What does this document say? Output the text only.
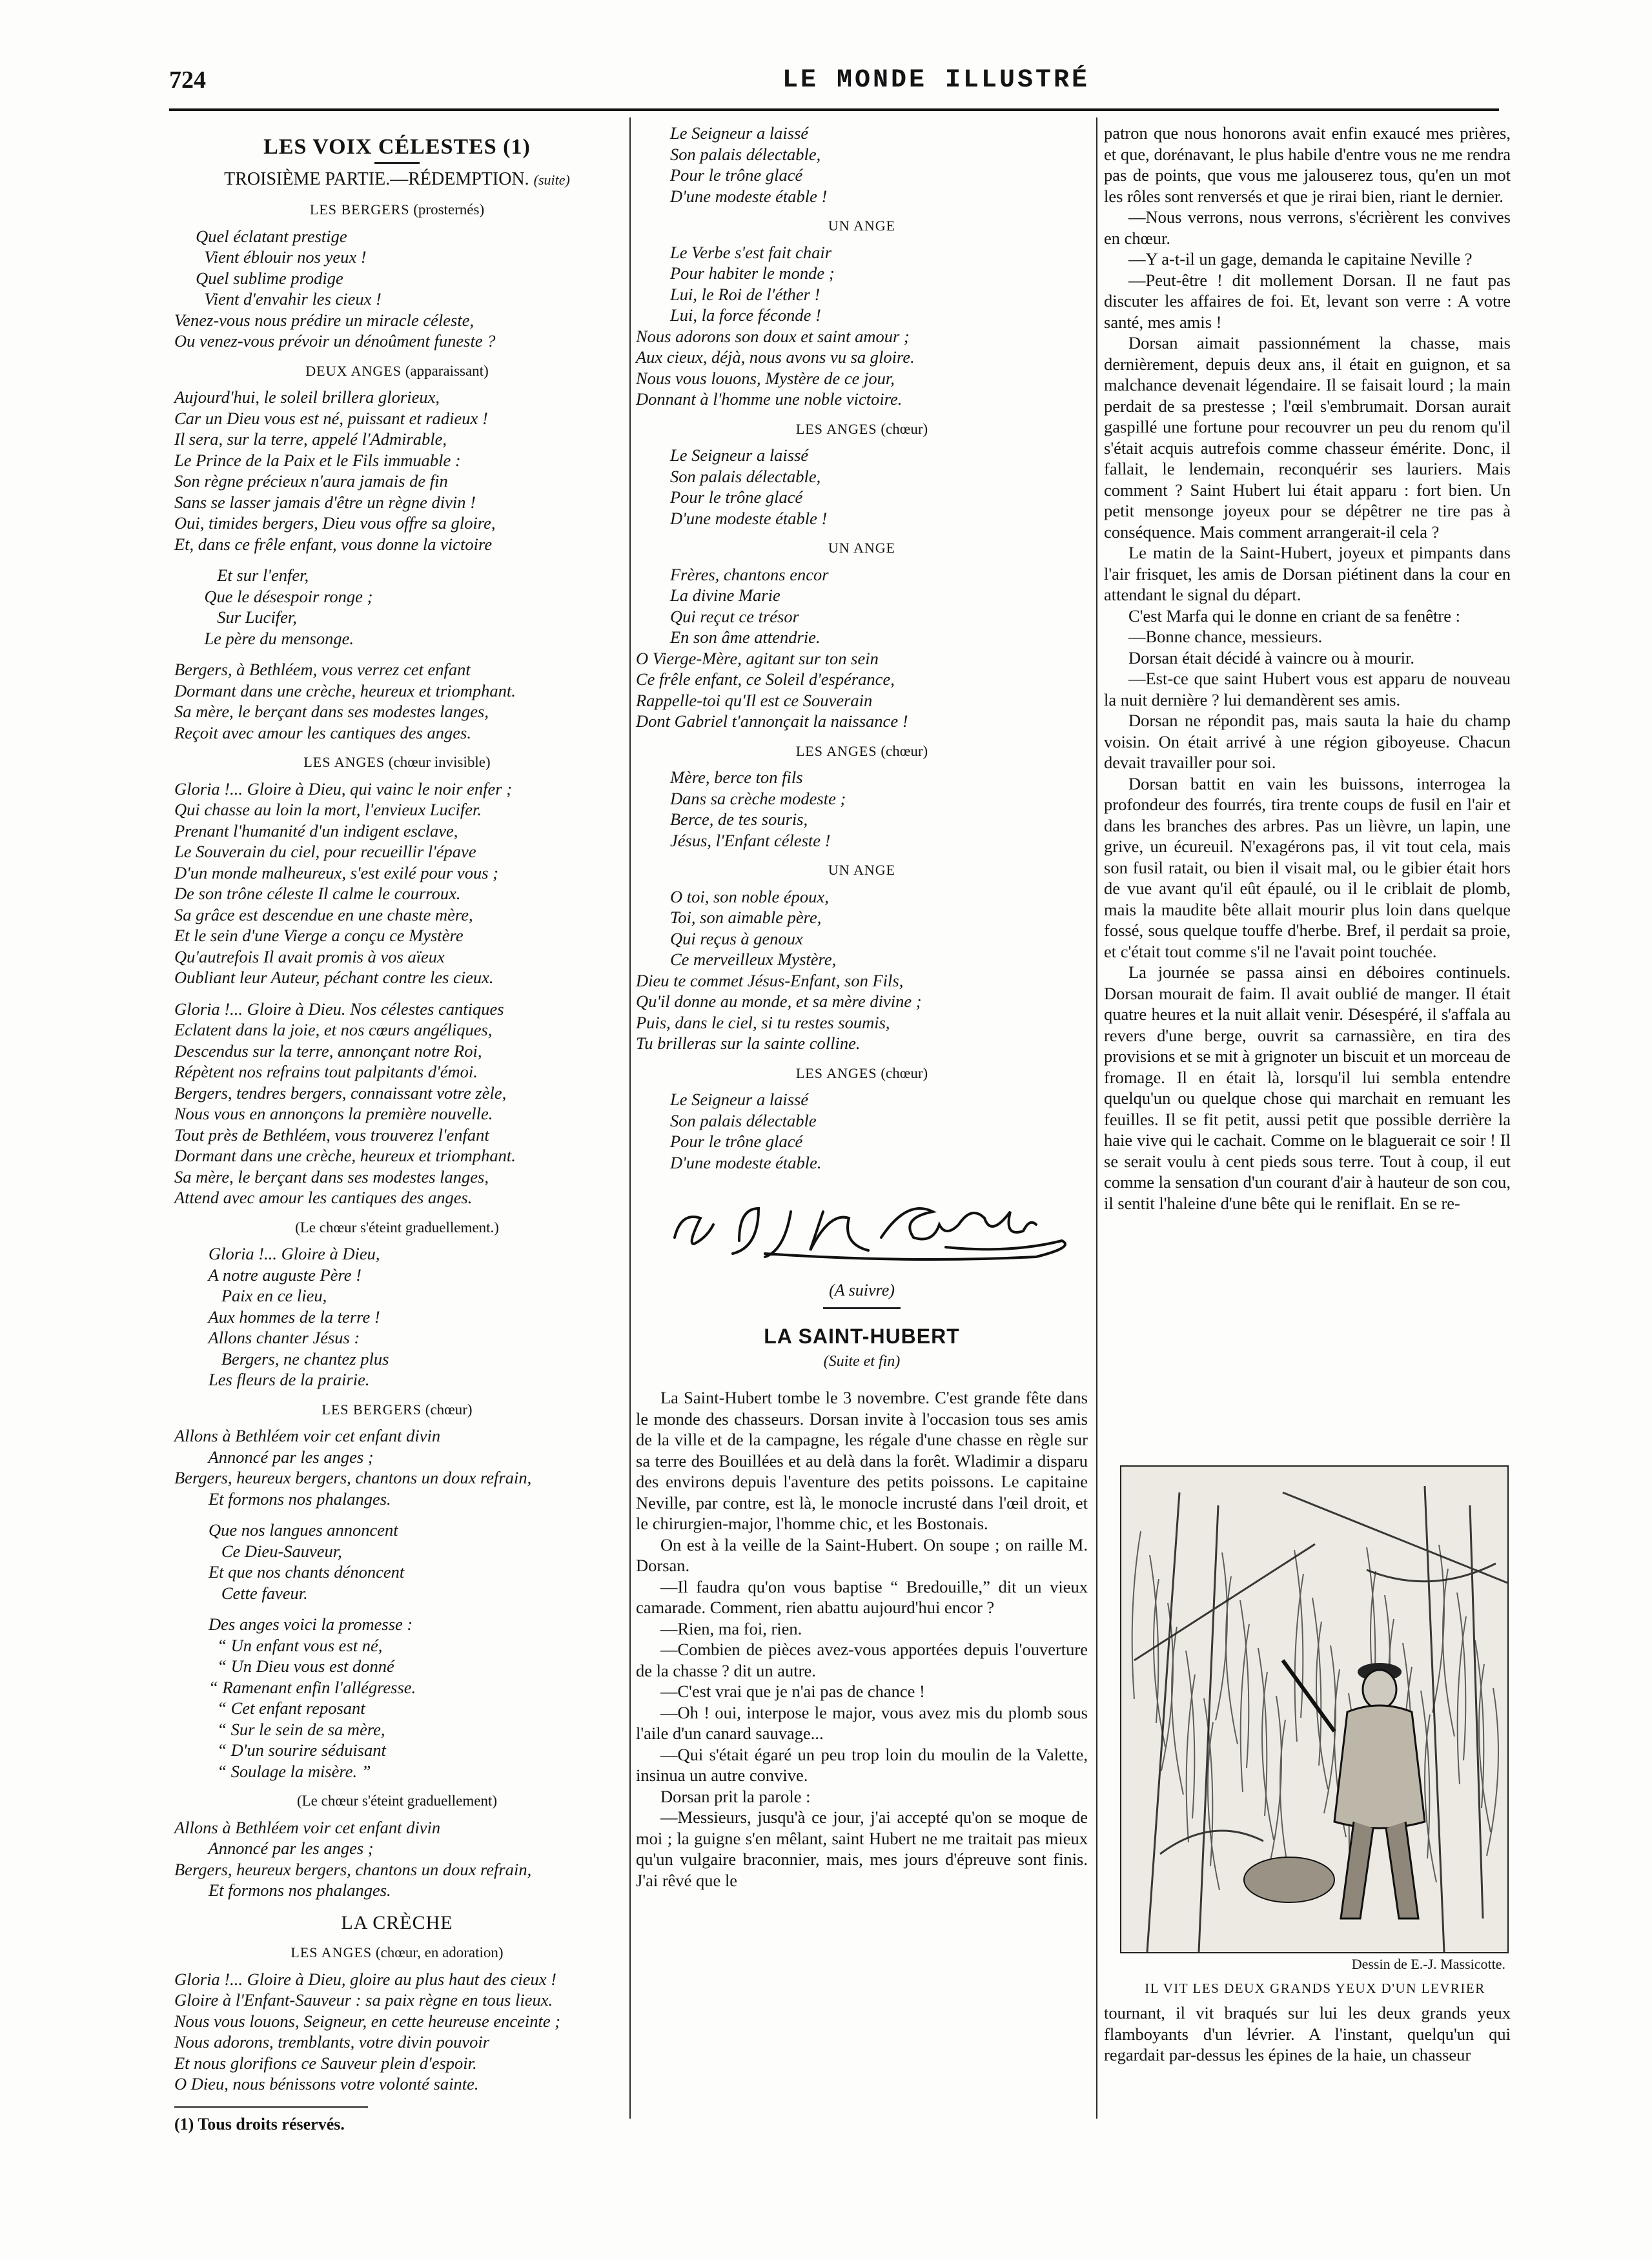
724	LE MONDE ILLUSTRÉ
LES VOIX CÉLESTES (1)
TROISIÈME PARTIE.—RÉDEMPTION. (suite)
LES BERGERS (prosternés)
Quel éclatant prestige
Vient éblouir nos yeux !
Quel sublime prodige
Vient d'envahir les cieux !
Venez-vous nous prédire un miracle céleste,
Ou venez-vous prévoir un dénoûment funeste ?
DEUX ANGES (apparaissant)
Aujourd'hui, le soleil brillera glorieux,
Car un Dieu vous est né, puissant et radieux !
Il sera, sur la terre, appelé l'Admirable,
Le Prince de la Paix et le Fils immuable :
Son règne précieux n'aura jamais de fin
Sans se lasser jamais d'être un règne divin !
Oui, timides bergers, Dieu vous offre sa gloire,
Et, dans ce frêle enfant, vous donne la victoire
Et sur l'enfer,
Que le désespoir ronge ;
Sur Lucifer,
Le père du mensonge.
Bergers, à Bethléem, vous verrez cet enfant
Dormant dans une crèche, heureux et triomphant.
Sa mère, le berçant dans ses modestes langes,
Reçoit avec amour les cantiques des anges.
LES ANGES (chœur invisible)
Gloria !... Gloire à Dieu, qui vainc le noir enfer ;
Qui chasse au loin la mort, l'envieux Lucifer.
Prenant l'humanité d'un indigent esclave,
Le Souverain du ciel, pour recueillir l'épave
D'un monde malheureux, s'est exilé pour vous ;
De son trône céleste Il calme le courroux.
Sa grâce est descendue en une chaste mère,
Et le sein d'une Vierge a conçu ce Mystère
Qu'autrefois Il avait promis à vos aïeux
Oubliant leur Auteur, péchant contre les cieux.
Gloria !... Gloire à Dieu. Nos célestes cantiques
Eclatent dans la joie, et nos cœurs angéliques,
Descendus sur la terre, annonçant notre Roi,
Répètent nos refrains tout palpitants d'émoi.
Bergers, tendres bergers, connaissant votre zèle,
Nous vous en annonçons la première nouvelle.
Tout près de Bethléem, vous trouverez l'enfant
Dormant dans une crèche, heureux et triomphant.
Sa mère, le berçant dans ses modestes langes,
Attend avec amour les cantiques des anges.
(Le chœur s'éteint graduellement.)
Gloria !... Gloire à Dieu,
A notre auguste Père !
Paix en ce lieu,
Aux hommes de la terre !
Allons chanter Jésus :
Bergers, ne chantez plus
Les fleurs de la prairie.
LES BERGERS (chœur)
Allons à Bethléem voir cet enfant divin
Annoncé par les anges ;
Bergers, heureux bergers, chantons un doux refrain,
Et formons nos phalanges.
Que nos langues annoncent
Ce Dieu-Sauveur,
Et que nos chants dénoncent
Cette faveur.
Des anges voici la promesse :
“ Un enfant vous est né,
“ Un Dieu vous est donné
“ Ramenant enfin l'allégresse.
“ Cet enfant reposant
“ Sur le sein de sa mère,
“ D'un sourire séduisant
“ Soulage la misère. ”
(Le chœur s'éteint graduellement)
Allons à Bethléem voir cet enfant divin
Annoncé par les anges ;
Bergers, heureux bergers, chantons un doux refrain,
Et formons nos phalanges.
LA CRÈCHE
LES ANGES (chœur, en adoration)
Gloria !... Gloire à Dieu, gloire au plus haut des cieux !
Gloire à l'Enfant-Sauveur : sa paix règne en tous lieux.
Nous vous louons, Seigneur, en cette heureuse enceinte ;
Nous adorons, tremblants, votre divin pouvoir
Et nous glorifions ce Sauveur plein d'espoir.
O Dieu, nous bénissons votre volonté sainte.
(1) Tous droits réservés.
Le Seigneur a laissé
Son palais délectable,
Pour le trône glacé
D'une modeste étable !
UN ANGE
Le Verbe s'est fait chair
Pour habiter le monde ;
Lui, le Roi de l'éther !
Lui, la force féconde !
Nous adorons son doux et saint amour ;
Aux cieux, déjà, nous avons vu sa gloire.
Nous vous louons, Mystère de ce jour,
Donnant à l'homme une noble victoire.
LES ANGES (chœur)
Le Seigneur a laissé
Son palais délectable,
Pour le trône glacé
D'une modeste étable !
UN ANGE
Frères, chantons encor
La divine Marie
Qui reçut ce trésor
En son âme attendrie.
O Vierge-Mère, agitant sur ton sein
Ce frêle enfant, ce Soleil d'espérance,
Rappelle-toi qu'Il est ce Souverain
Dont Gabriel t'annonçait la naissance !
LES ANGES (chœur)
Mère, berce ton fils
Dans sa crèche modeste ;
Berce, de tes souris,
Jésus, l'Enfant céleste !
UN ANGE
O toi, son noble époux,
Toi, son aimable père,
Qui reçus à genoux
Ce merveilleux Mystère,
Dieu te commet Jésus-Enfant, son Fils,
Qu'il donne au monde, et sa mère divine ;
Puis, dans le ciel, si tu restes soumis,
Tu brilleras sur la sainte colline.
LES ANGES (chœur)
Le Seigneur a laissé
Son palais délectable
Pour le trône glacé
D'une modeste étable.
(A suivre)
LA SAINT-HUBERT
(Suite et fin)

La Saint-Hubert tombe le 3 novembre. C'est grande fête dans le monde des chasseurs. Dorsan invite à l'occasion tous ses amis de la ville et de la campagne, les régale d'une chasse en règle sur sa terre des Bouillées et au delà dans la forêt. Wladimir a disparu des environs depuis l'aventure des petits poissons. Le capitaine Neville, par contre, est là, le monocle incrusté dans l'œil droit, et le chirurgien-major, l'homme chic, et les Bostonais.

On est à la veille de la Saint-Hubert. On soupe ; on raille M. Dorsan.

—Il faudra qu'on vous baptise “ Bredouille,” dit un vieux camarade. Comment, rien abattu aujourd'hui encor ?

—Rien, ma foi, rien.

—Combien de pièces avez-vous apportées depuis l'ouverture de la chasse ? dit un autre.

—C'est vrai que je n'ai pas de chance !

—Oh ! oui, interpose le major, vous avez mis du plomb sous l'aile d'un canard sauvage...

—Qui s'était égaré un peu trop loin du moulin de la Valette, insinua un autre convive.

Dorsan prit la parole :

—Messieurs, jusqu'à ce jour, j'ai accepté qu'on se moque de moi ; la guigne s'en mêlant, saint Hubert ne me traitait pas mieux qu'un vulgaire braconnier, mais, mes jours d'épreuve sont finis. J'ai rêvé que le

patron que nous honorons avait enfin exaucé mes prières, et que, dorénavant, le plus habile d'entre vous ne me rendra pas de points, que vous me jalouserez tous, qu'en un mot les rôles sont renversés et que je rirai bien, riant le dernier.

—Nous verrons, nous verrons, s'écrièrent les convives en chœur.

—Y a-t-il un gage, demanda le capitaine Neville ?

—Peut-être ! dit mollement Dorsan. Il ne faut pas discuter les affaires de foi. Et, levant son verre : A votre santé, mes amis !

Dorsan aimait passionnément la chasse, mais dernièrement, depuis deux ans, il était en guignon, et sa malchance devenait légendaire. Il se faisait lourd ; la main perdait de sa prestesse ; l'œil s'embrumait. Dorsan aurait gaspillé une fortune pour recouvrer un peu du renom qu'il s'était acquis autrefois comme chasseur émérite. Donc, il fallait, le lendemain, reconquérir ses lauriers. Mais comment ? Saint Hubert lui était apparu : fort bien. Un petit mensonge joyeux pour se dépêtrer ne tire pas à conséquence. Mais comment arrangerait-il cela ?

Le matin de la Saint-Hubert, joyeux et pimpants dans l'air frisquet, les amis de Dorsan piétinent dans la cour en attendant le signal du départ.

C'est Marfa qui le donne en criant de sa fenêtre :

—Bonne chance, messieurs.

Dorsan était décidé à vaincre ou à mourir.

—Est-ce que saint Hubert vous est apparu de nouveau la nuit dernière ? lui demandèrent ses amis.

Dorsan ne répondit pas, mais sauta la haie du champ voisin. On était arrivé à une région giboyeuse. Chacun devait travailler pour soi.

Dorsan battit en vain les buissons, interrogea la profondeur des fourrés, tira trente coups de fusil en l'air et dans les branches des arbres. Pas un lièvre, un lapin, une grive, un écureuil. N'exagérons pas, il vit tout cela, mais son fusil ratait, ou bien il visait mal, ou le gibier était hors de vue avant qu'il eût épaulé, ou il le criblait de plomb, mais la maudite bête allait mourir plus loin dans quelque fossé, sous quelque touffe d'herbe. Bref, il perdait sa proie, et c'était tout comme s'il ne l'avait point touchée.

La journée se passa ainsi en déboires continuels. Dorsan mourait de faim. Il avait oublié de manger. Il était quatre heures et la nuit allait venir. Désespéré, il s'affala au revers d'une berge, ouvrit sa carnassière, en tira des provisions et se mit à grignoter un biscuit et un morceau de fromage. Il en était là, lorsqu'il lui sembla entendre quelqu'un ou quelque chose qui marchait en remuant les feuilles. Il se fit petit, aussi petit que possible derrière la haie vive qui le cachait. Comme on le blaguerait ce soir ! Il se serait voulu à cent pieds sous terre. Tout à coup, il eut comme la sensation d'un courant d'air à hauteur de son cou, il sentit l'haleine d'une bête qui le reniflait. En se re-

Dessin de E.-J. Massicotte.
IL VIT LES DEUX GRANDS YEUX D'UN LEVRIER

tournant, il vit braqués sur lui les deux grands yeux flamboyants d'un lévrier. A l'instant, quelqu'un qui regardait par-dessus les épines de la haie, un chasseur
